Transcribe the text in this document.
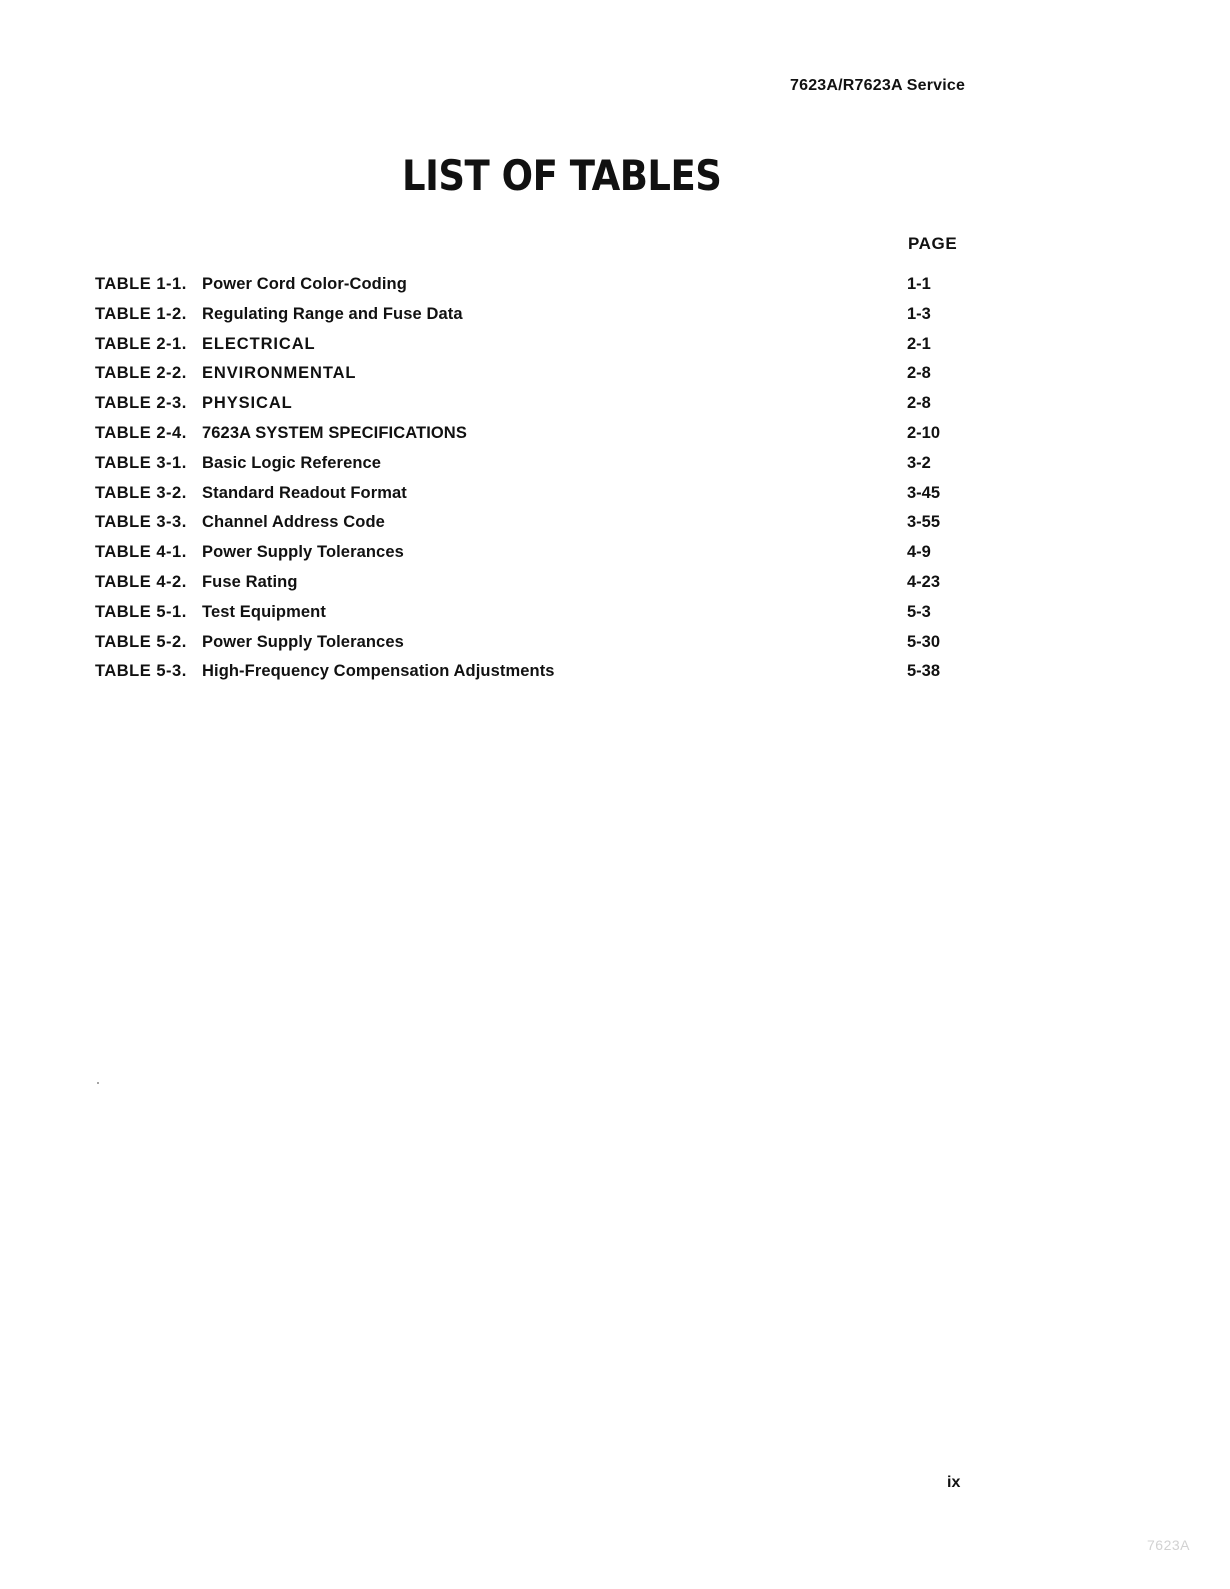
7623A/R7623A Service
LIST OF TABLES
PAGE
TABLE 1-1. Power Cord Color-Coding	1-1
TABLE 1-2. Regulating Range and Fuse Data	1-3
TABLE 2-1. ELECTRICAL	2-1
TABLE 2-2. ENVIRONMENTAL	2-8
TABLE 2-3. PHYSICAL	2-8
TABLE 2-4. 7623A SYSTEM SPECIFICATIONS	2-10
TABLE 3-1. Basic Logic Reference	3-2
TABLE 3-2. Standard Readout Format	3-45
TABLE 3-3. Channel Address Code	3-55
TABLE 4-1. Power Supply Tolerances	4-9
TABLE 4-2. Fuse Rating	4-23
TABLE 5-1. Test Equipment	5-3
TABLE 5-2. Power Supply Tolerances	5-30
TABLE 5-3. High-Frequency Compensation Adjustments	5-38
ix
7623A
